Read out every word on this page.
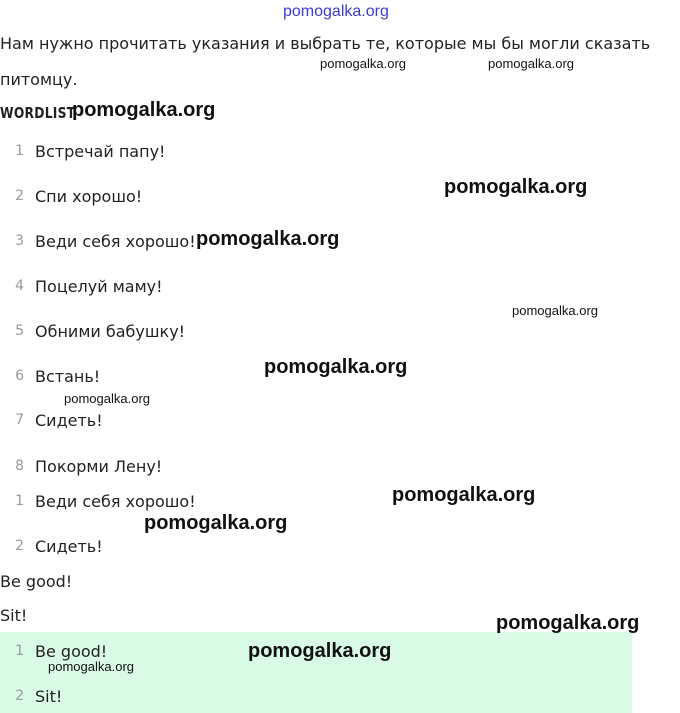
pomogalka.org
Нам нужно прочитать указания и выбрать те, которые мы бы могли сказать
питомцу.
WORDLIST
1 Встречай папу!
2 Спи хорошо!
3 Веди себя хорошо!
4 Поцелуй маму!
5 Обними бабушку!
6 Встань!
7 Сидеть!
8 Покорми Лену!
1 Веди себя хорошо!
2 Сидеть!
Be good!
Sit!
1 Be good!
2 Sit!
pomogalka.org	pomogalka.org
pomogalka.org
pomogalka.org
pomogalka.org
pomogalka.org
pomogalka.org
pomogalka.org
pomogalka.org
pomogalka.org
pomogalka.org
pomogalka.org
pomogalka.org
